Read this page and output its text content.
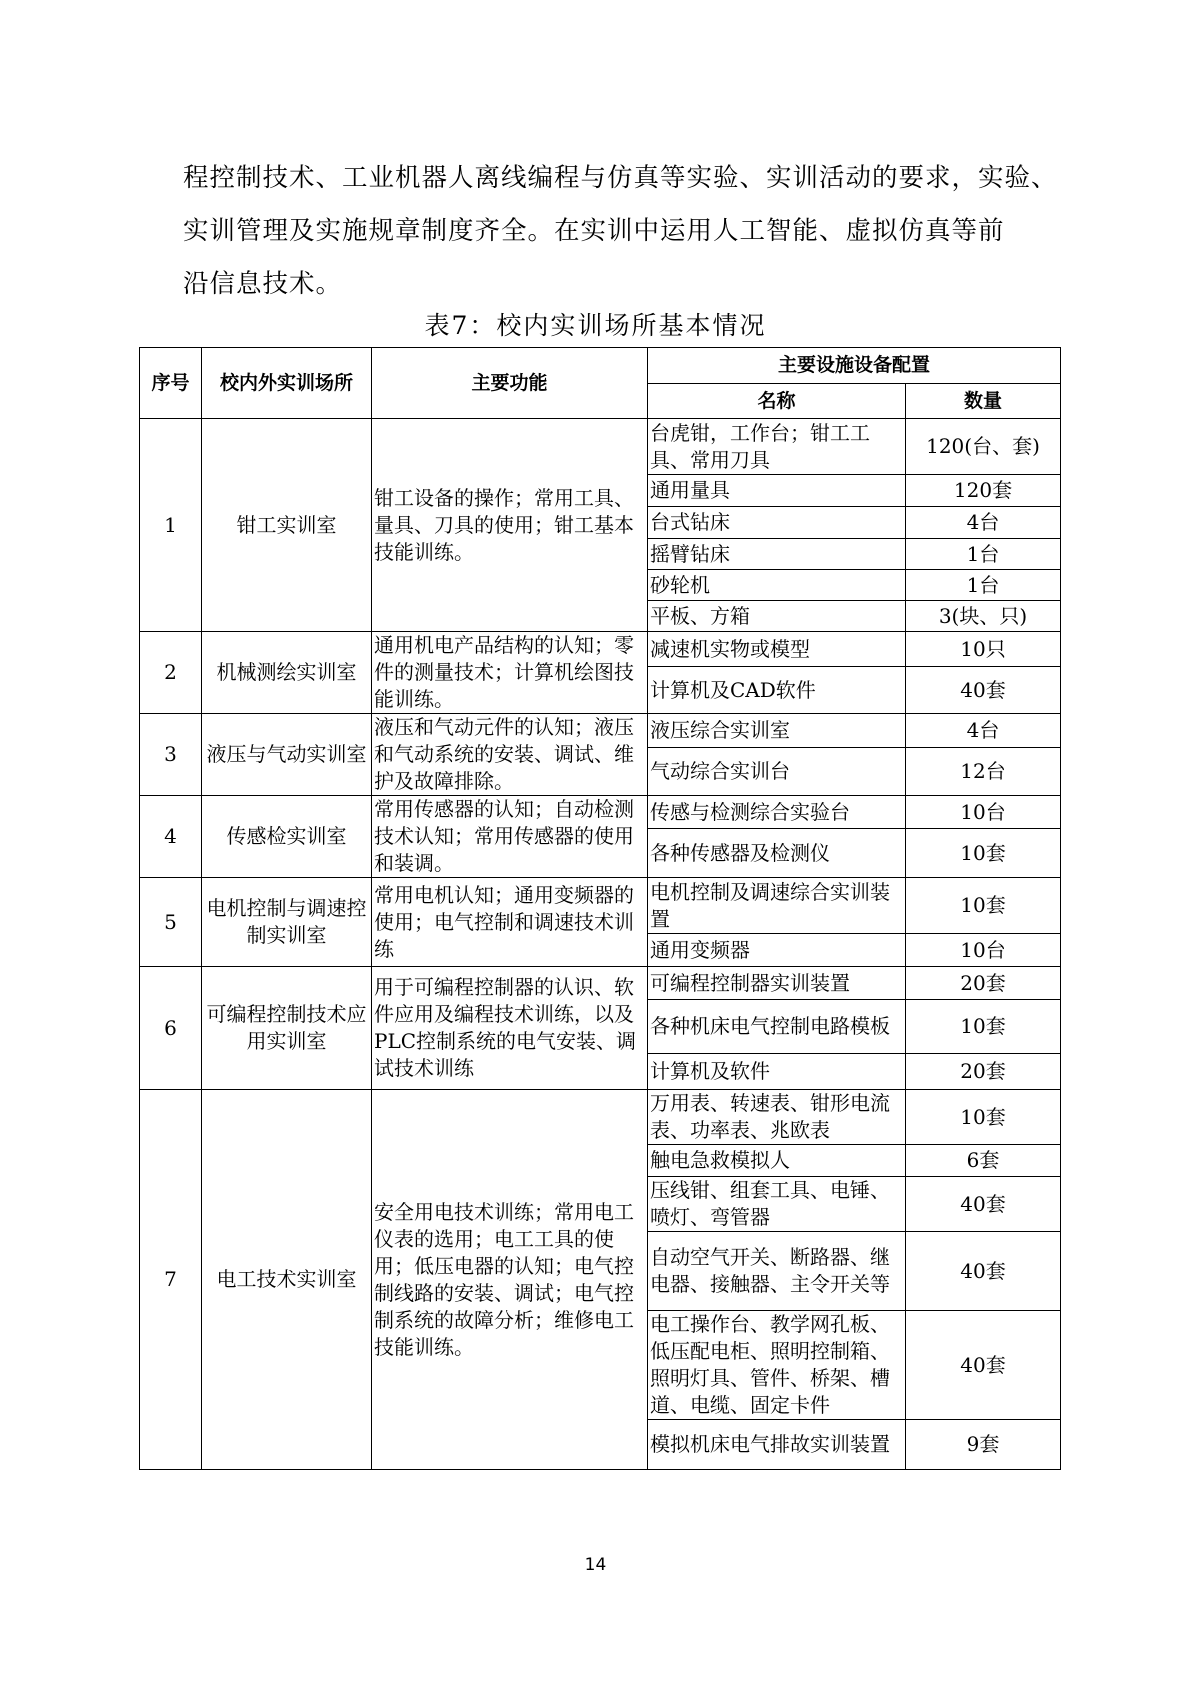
程控制技术、工业机器人离线编程与仿真等实验、实训活动的要求，实验、

实训管理及实施规章制度齐全。在实训中运用人工智能、虚拟仿真等前

沿信息技术。

表7：校内实训场所基本情况
序号	校内外实训场所	主要功能	主要设施设备配置	
			名称	数量
1	钳工实训室	钳工设备的操作；常用工具、量具、刀具的使用；钳工基本技能训练。	台虎钳，工作台；钳工工具、常用刀具	120(台、套)
			通用量具	120套
			台式钻床	4台
			摇臂钻床	1台
			砂轮机	1台
			平板、方箱	3(块、只)
2	机械测绘实训室	通用机电产品结构的认知；零件的测量技术；计算机绘图技能训练。	减速机实物或模型	10只
			计算机及CAD软件	40套
3	液压与气动实训室	液压和气动元件的认知；液压和气动系统的安装、调试、维护及故障排除。	液压综合实训室	4台
			气动综合实训台	12台
4	传感检实训室	常用传感器的认知；自动检测技术认知；常用传感器的使用和装调。	传感与检测综合实验台	10台
			各种传感器及检测仪	10套
5	电机控制与调速控制实训室	常用电机认知；通用变频器的使用；电气控制和调速技术训练	电机控制及调速综合实训装置	10套
			通用变频器	10台
6	可编程控制技术应用实训室	用于可编程控制器的认识、软件应用及编程技术训练，以及PLC控制系统的电气安装、调试技术训练	可编程控制器实训装置	20套
			各种机床电气控制电路模板	10套
			计算机及软件	20套
7	电工技术实训室	安全用电技术训练；常用电工仪表的选用；电工工具的使用；低压电器的认知；电气控制线路的安装、调试；电气控制系统的故障分析；维修电工技能训练。	万用表、转速表、钳形电流表、功率表、兆欧表	10套
			触电急救模拟人	6套
			压线钳、组套工具、电锤、喷灯、弯管器	40套
			自动空气开关、断路器、继电器、接触器、主令开关等	40套
			电工操作台、教学网孔板、低压配电柜、照明控制箱、照明灯具、管件、桥架、槽道、电缆、固定卡件	40套
			模拟机床电气排故实训装置	9套
14
